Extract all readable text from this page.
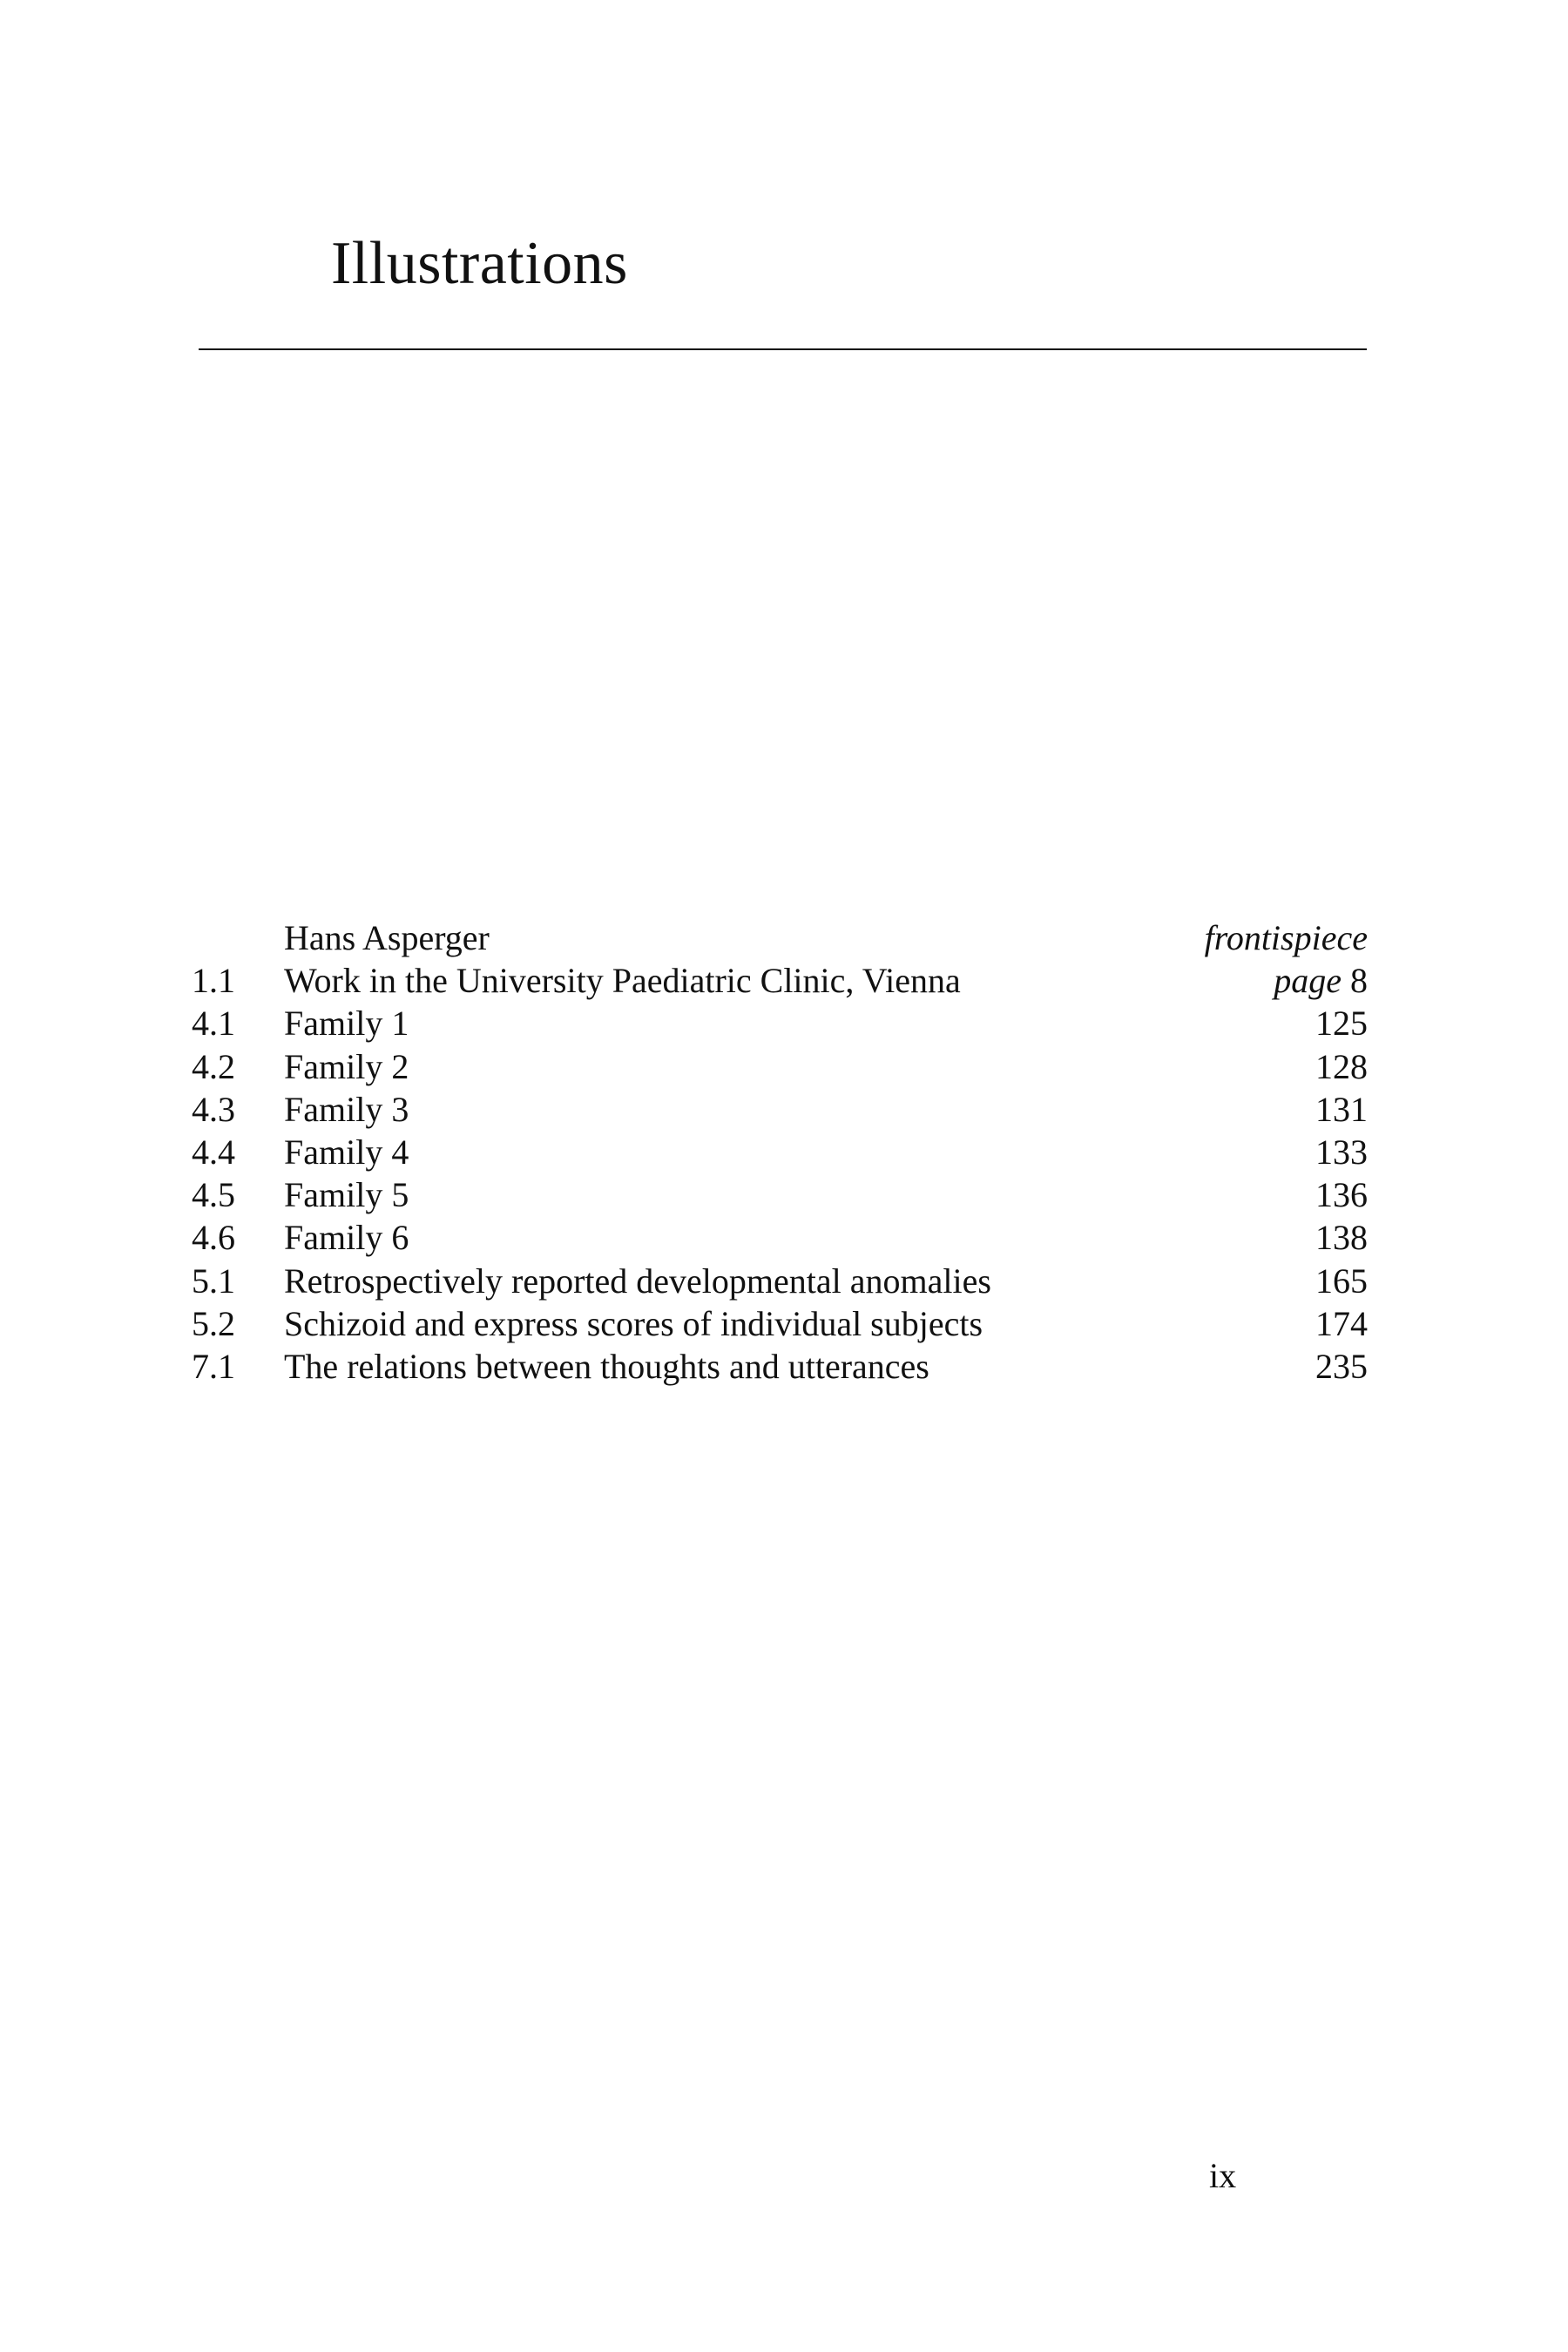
Illustrations
Hans Asperger	frontispiece
1.1	Work in the University Paediatric Clinic, Vienna	page 8
4.1	Family 1	125
4.2	Family 2	128
4.3	Family 3	131
4.4	Family 4	133
4.5	Family 5	136
4.6	Family 6	138
5.1	Retrospectively reported developmental anomalies	165
5.2	Schizoid and express scores of individual subjects	174
7.1	The relations between thoughts and utterances	235
ix
